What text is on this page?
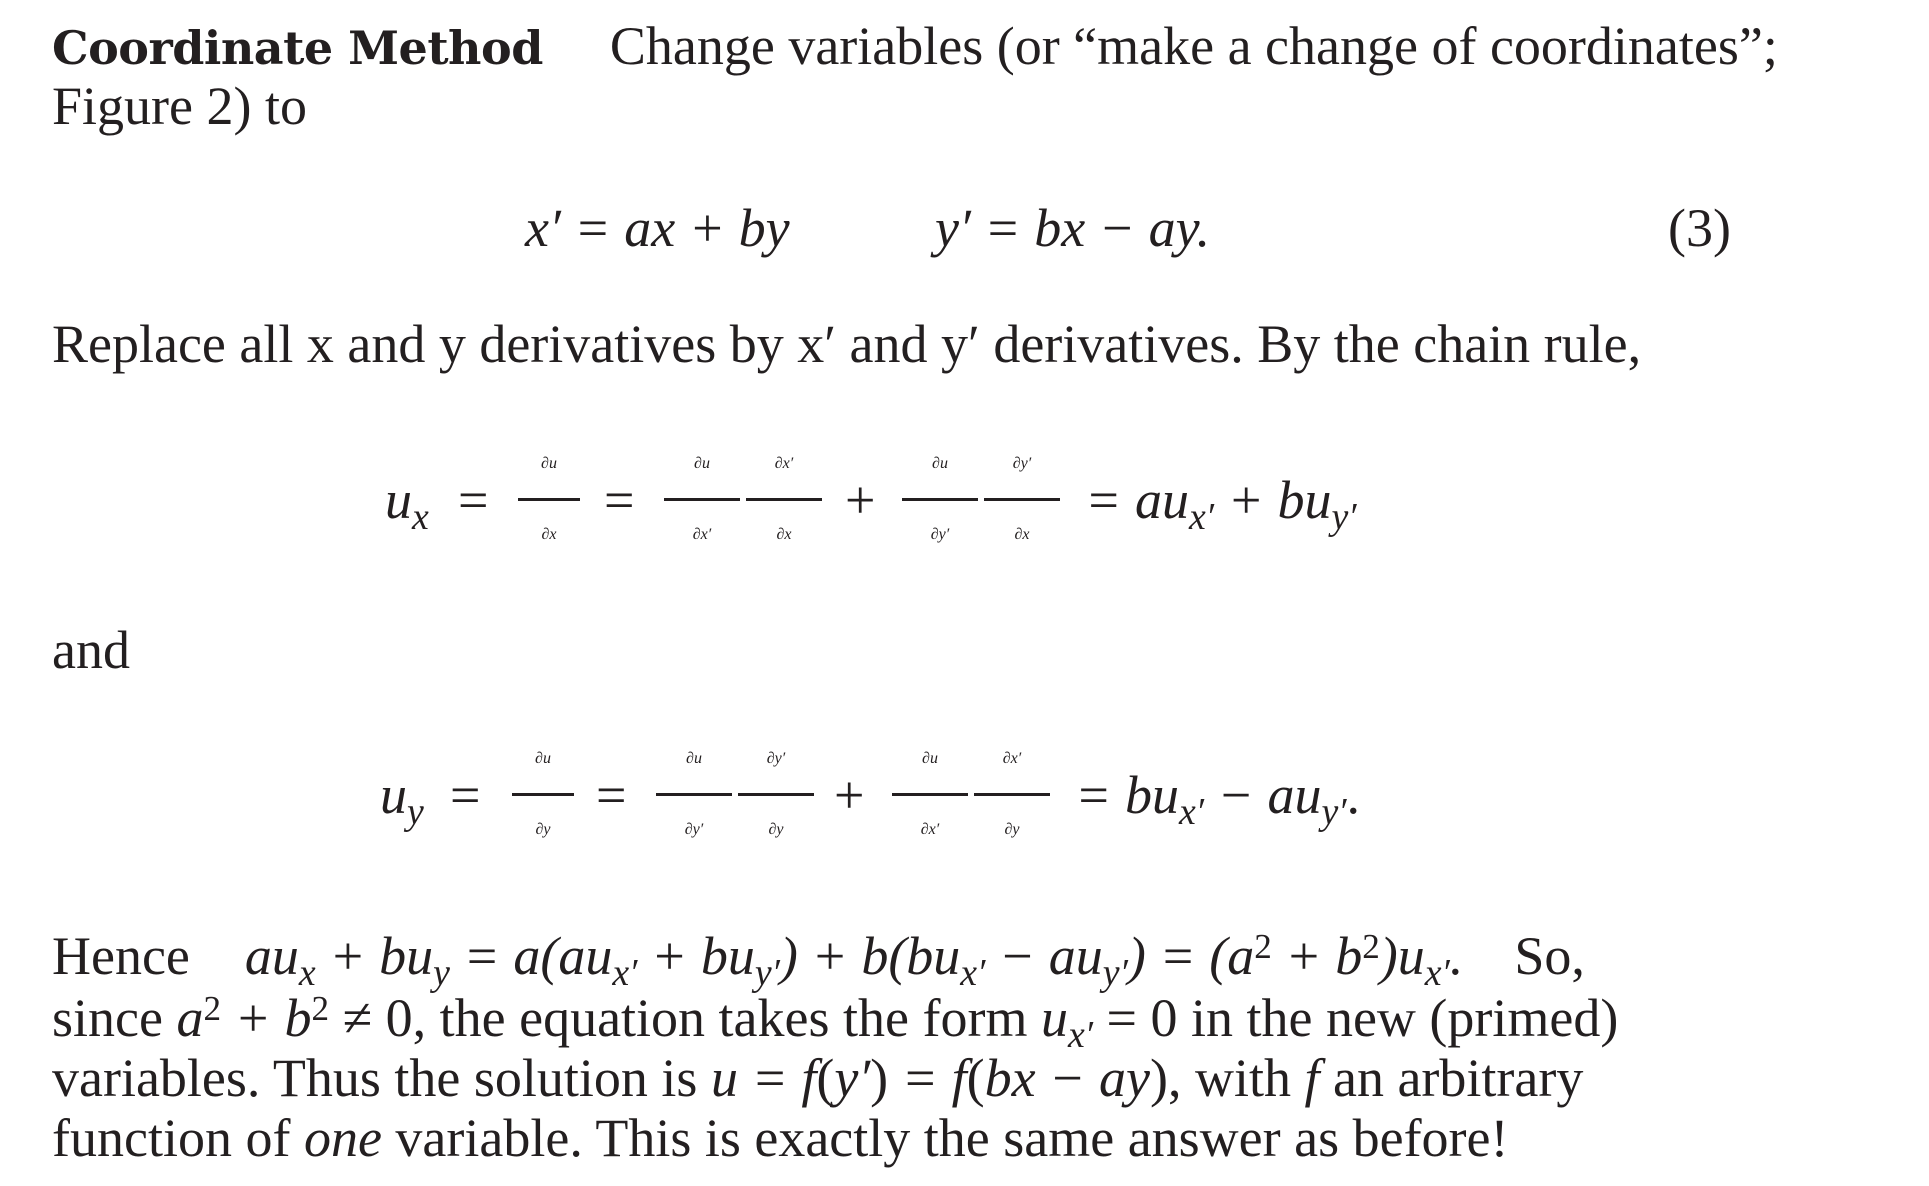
Coordinate Method Change variables (or “make a change of coordinates”;
Figure 2) to
x′ = ax + by	y′ = bx − ay.	(3)
Replace all x and y derivatives by x′ and y′ derivatives. By the chain rule,
$u_x$ =
∂u
∂x
=
∂u
∂x′
∂x′
∂x
+
∂u
∂y′
∂y′
∂x
= $au_{x'} + bu_{y'}$
and
$u_y$ =
∂u
∂y
=
∂u
∂y′
∂y′
∂y
+
∂u
∂x′
∂x′
∂y
= $bu_{x'} - au_{y'}$.
Hence $au_x + bu_y = a(au_{x'} + bu_{y'}) + b(bu_{x'} - au_{y'}) = (a^2 + b^2)u_{x'}$. So,
since $a^2 + b^2 \ne 0$, the equation takes the form $u_{x'} = 0$ in the new (primed)
variables. Thus the solution is u = f(y′) = f(bx − ay), with f an arbitrary
function of one variable. This is exactly the same answer as before!
